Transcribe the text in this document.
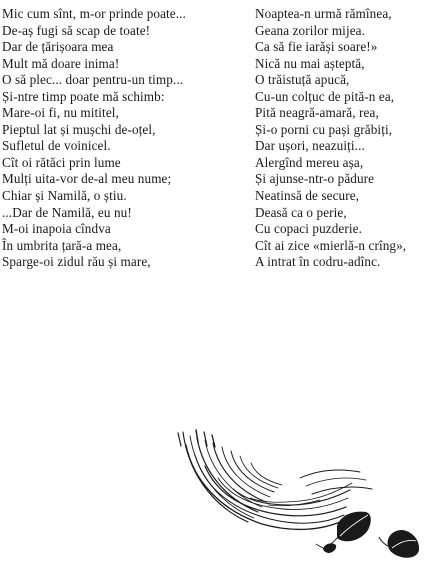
Mic cum sînt, m-or prinde poate...
De-aș fugi să scap de toate!
Dar de țărișoara mea
Mult mă doare inima!
O să plec... doar pentru-un timp...
Și-ntre timp poate mă schimb:
Mare-oi fi, nu mititel,
Pieptul lat și mușchi de-oțel,
Sufletul de voinicel.
Cît oi rătăci prin lume
Mulți uita-vor de-al meu nume;
Chiar și Namilă, o știu.
...Dar de Namilă, eu nu!
M-oi inapoia cîndva
În umbrita țară-a mea,
Sparge-oi zidul rău și mare,
Noaptea-n urmă rămînea,
Geana zorilor mijea.
Ca să fie iarăși soare!»
Nică nu mai așteptă,
O trăistuță apucă,
Cu-un colțuc de pită-n ea,
Pită neagră-amară, rea,
Și-o porni cu pași grăbiți,
Dar ușori, neazuiți...
Alergînd mereu așa,
Și ajunse-ntr-o pădure
Neatinsă de secure,
Deasă ca o perie,
Cu copaci puzderie.
Cît ai zice «mierlă-n crîng»,
A intrat în codru-adînc.
